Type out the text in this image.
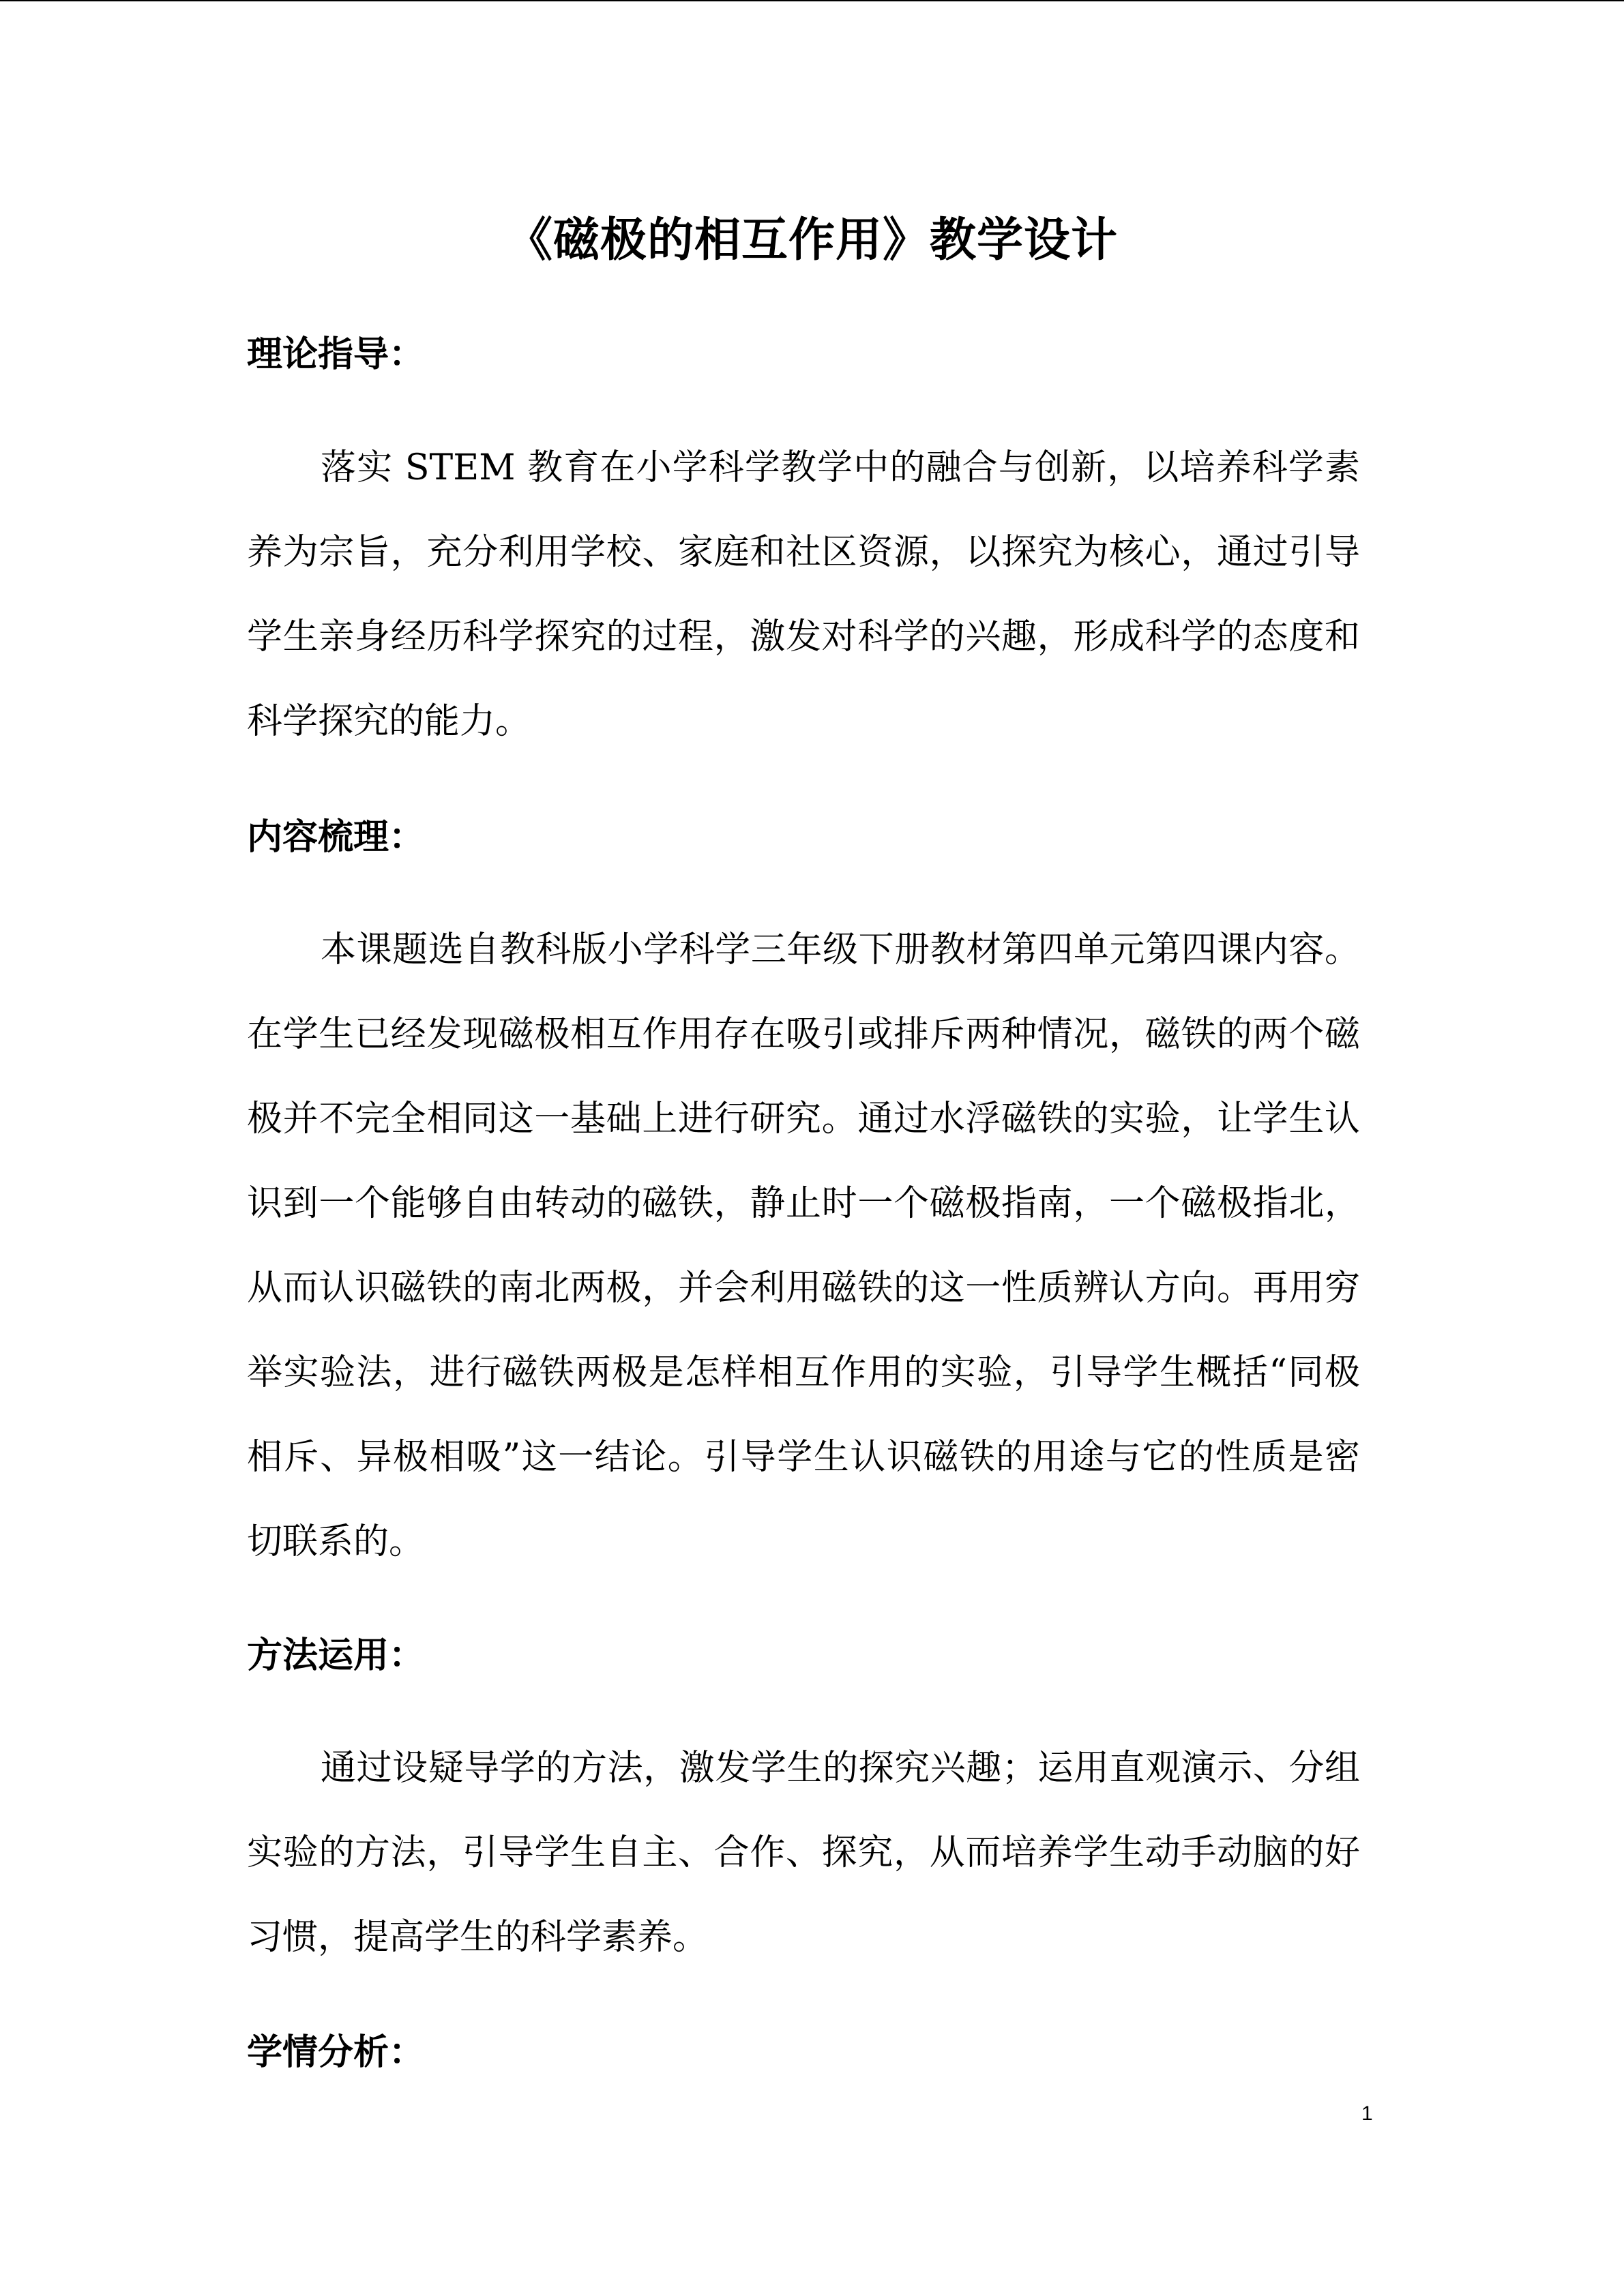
《磁极的相互作用》教学设计
理论指导：

落实 STEM 教育在小学科学教学中的融合与创新，以培养科学素养为宗旨，充分利用学校、家庭和社区资源，以探究为核心，通过引导学生亲身经历科学探究的过程，激发对科学的兴趣，形成科学的态度和科学探究的能力。

内容梳理：

本课题选自教科版小学科学三年级下册教材第四单元第四课内容。在学生已经发现磁极相互作用存在吸引或排斥两种情况，磁铁的两个磁极并不完全相同这一基础上进行研究。通过水浮磁铁的实验，让学生认识到一个能够自由转动的磁铁，静止时一个磁极指南，一个磁极指北，从而认识磁铁的南北两极，并会利用磁铁的这一性质辨认方向。再用穷举实验法，进行磁铁两极是怎样相互作用的实验，引导学生概括“同极相斥、异极相吸”这一结论。引导学生认识磁铁的用途与它的性质是密切联系的。

方法运用：

通过设疑导学的方法，激发学生的探究兴趣；运用直观演示、分组实验的方法，引导学生自主、合作、探究，从而培养学生动手动脑的好习惯，提高学生的科学素养。

学情分析：
1
